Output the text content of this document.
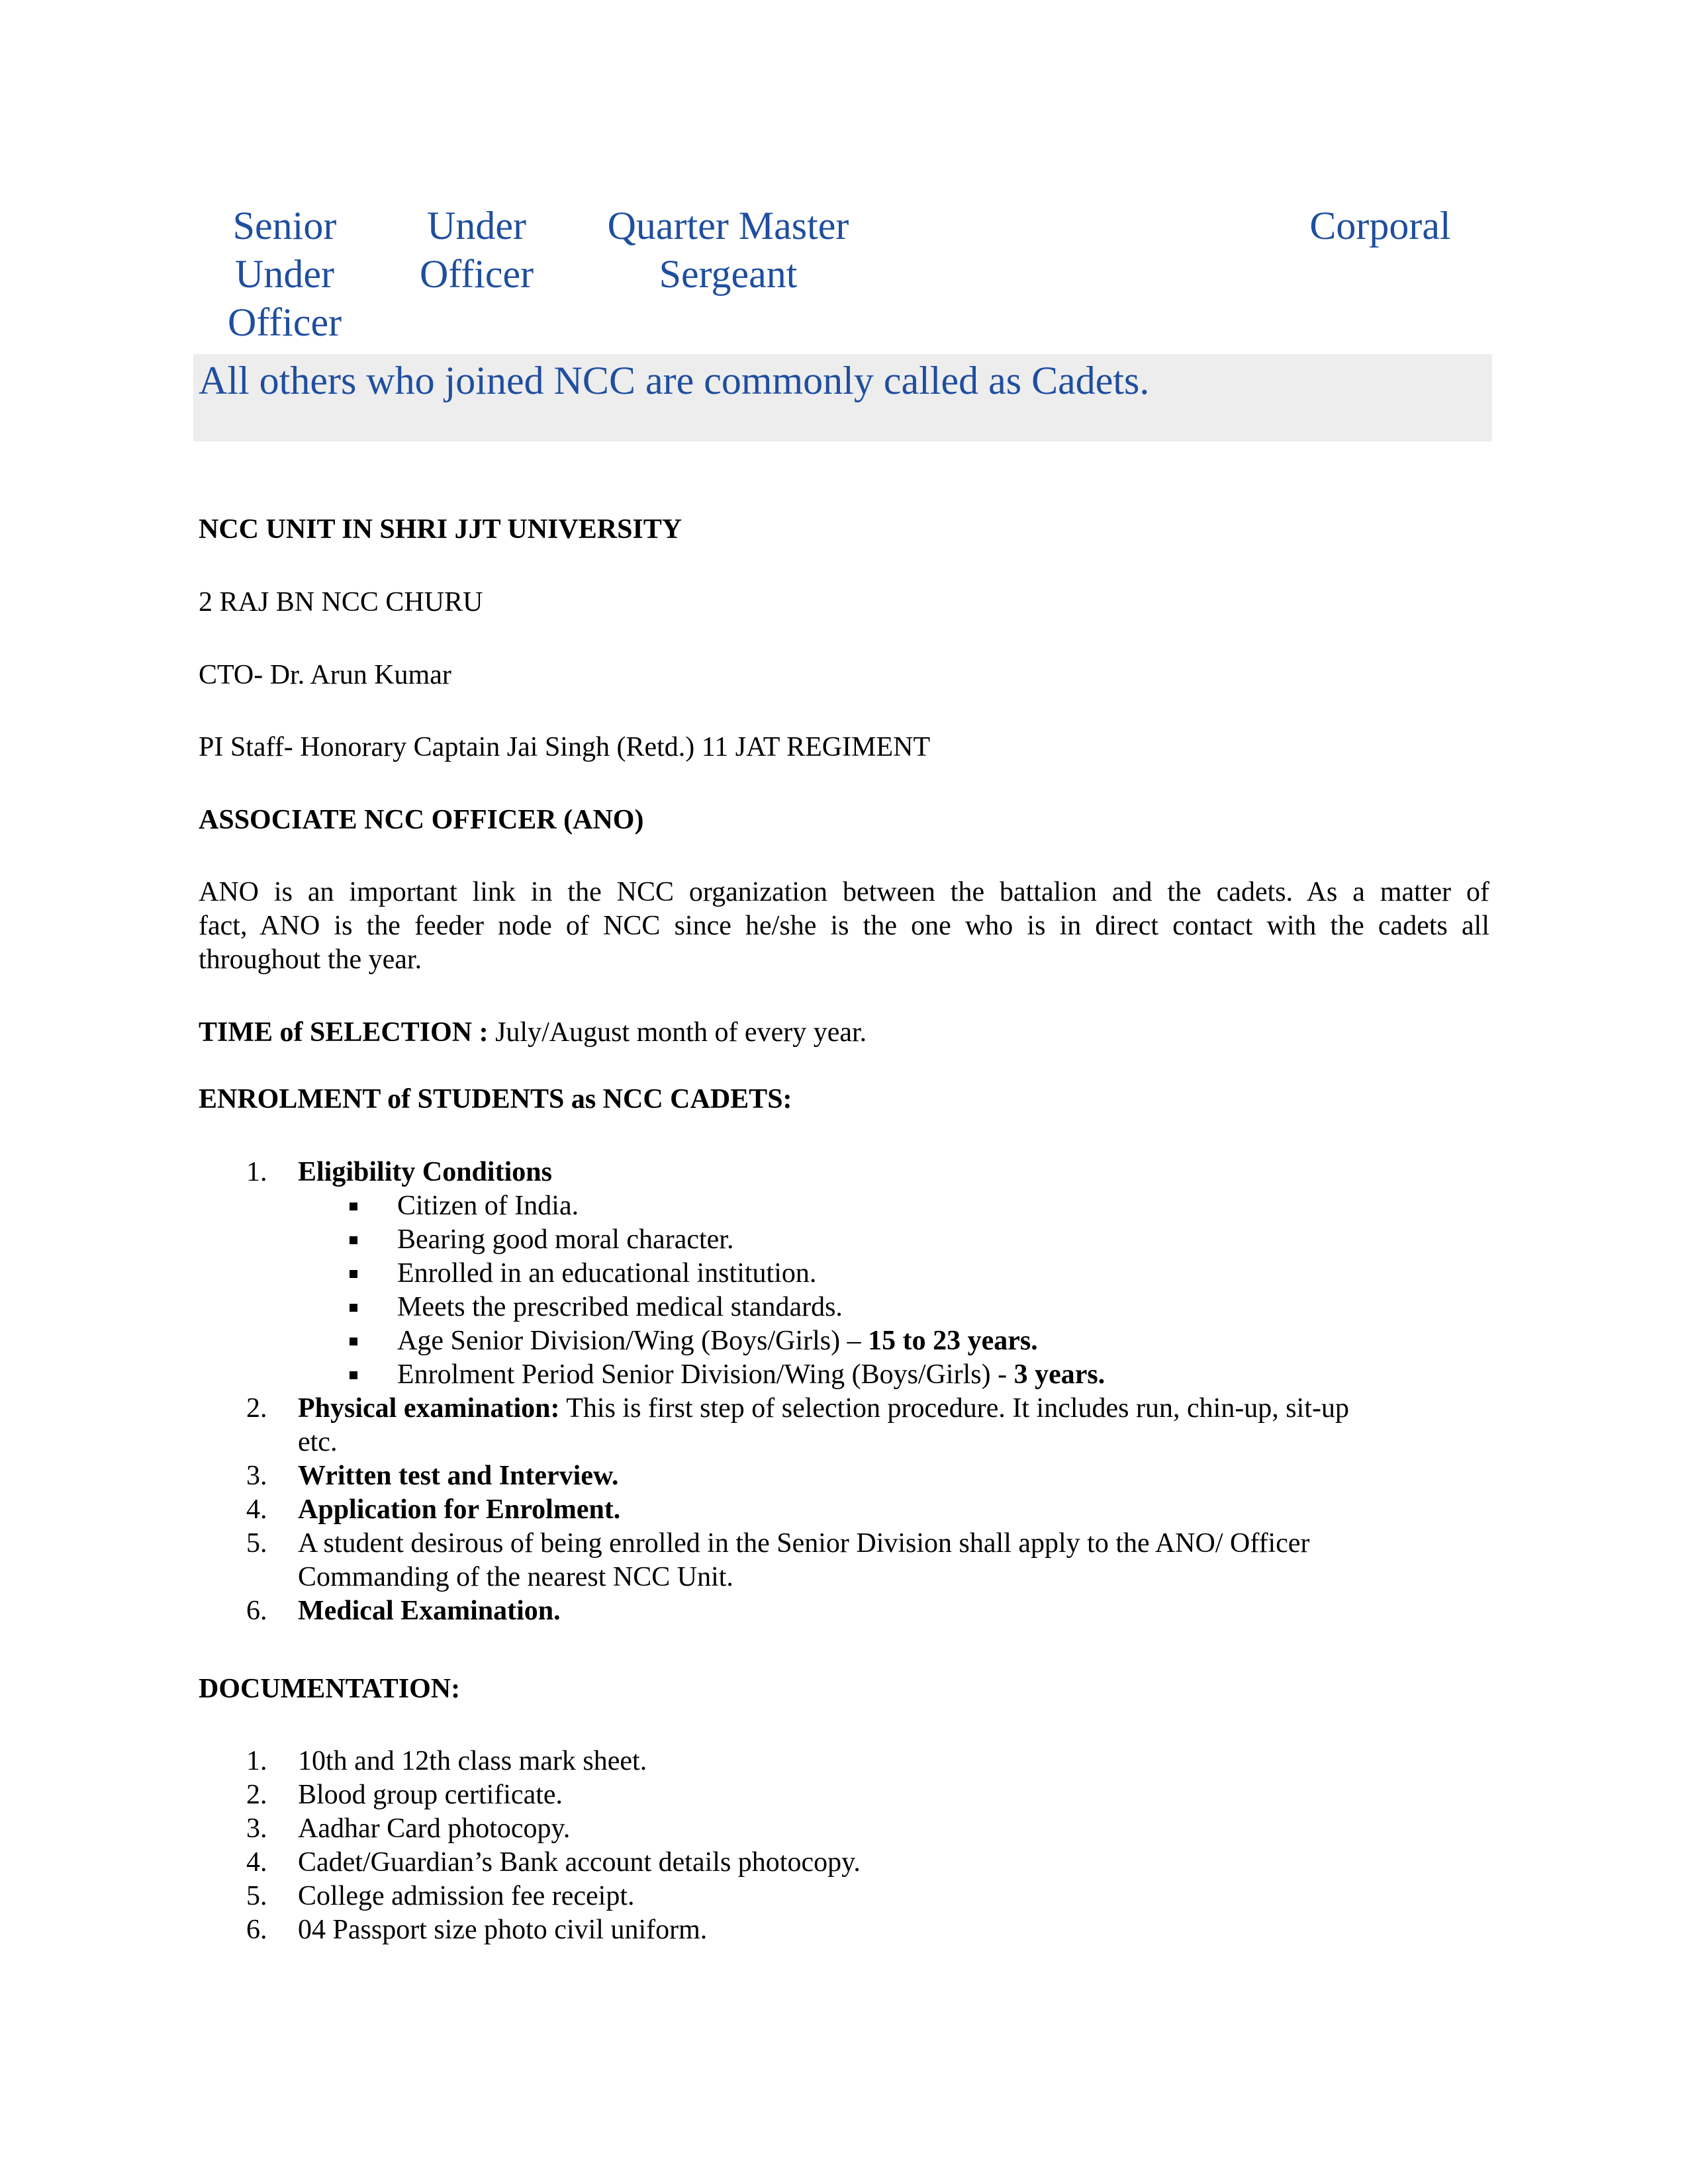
Senior
Under
Officer
Under
Officer
Quarter Master
Sergeant
Corporal
All others who joined NCC are commonly called as Cadets.
NCC UNIT IN SHRI JJT UNIVERSITY
2 RAJ BN NCC CHURU
CTO- Dr. Arun Kumar
PI Staff- Honorary Captain Jai Singh (Retd.) 11 JAT REGIMENT
ASSOCIATE NCC OFFICER (ANO)
ANO is an important link in the NCC organization between the battalion and the cadets. As a matter of
fact, ANO is the feeder node of NCC since he/she is the one who is in direct contact with the cadets all
throughout the year.
TIME of SELECTION : July/August month of every year.
ENROLMENT of STUDENTS as NCC CADETS:
1. Eligibility Conditions
Citizen of India.
Bearing good moral character.
Enrolled in an educational institution.
Meets the prescribed medical standards.
Age Senior Division/Wing (Boys/Girls) – 15 to 23 years.
Enrolment Period Senior Division/Wing (Boys/Girls) - 3 years.
2. Physical examination: This is first step of selection procedure. It includes run, chin-up, sit-up
etc.
3. Written test and Interview.
4. Application for Enrolment.
5. A student desirous of being enrolled in the Senior Division shall apply to the ANO/ Officer
Commanding of the nearest NCC Unit.
6. Medical Examination.
DOCUMENTATION:
1. 10th and 12th class mark sheet.
2. Blood group certificate.
3. Aadhar Card photocopy.
4. Cadet/Guardian’s Bank account details photocopy.
5. College admission fee receipt.
6. 04 Passport size photo civil uniform.
